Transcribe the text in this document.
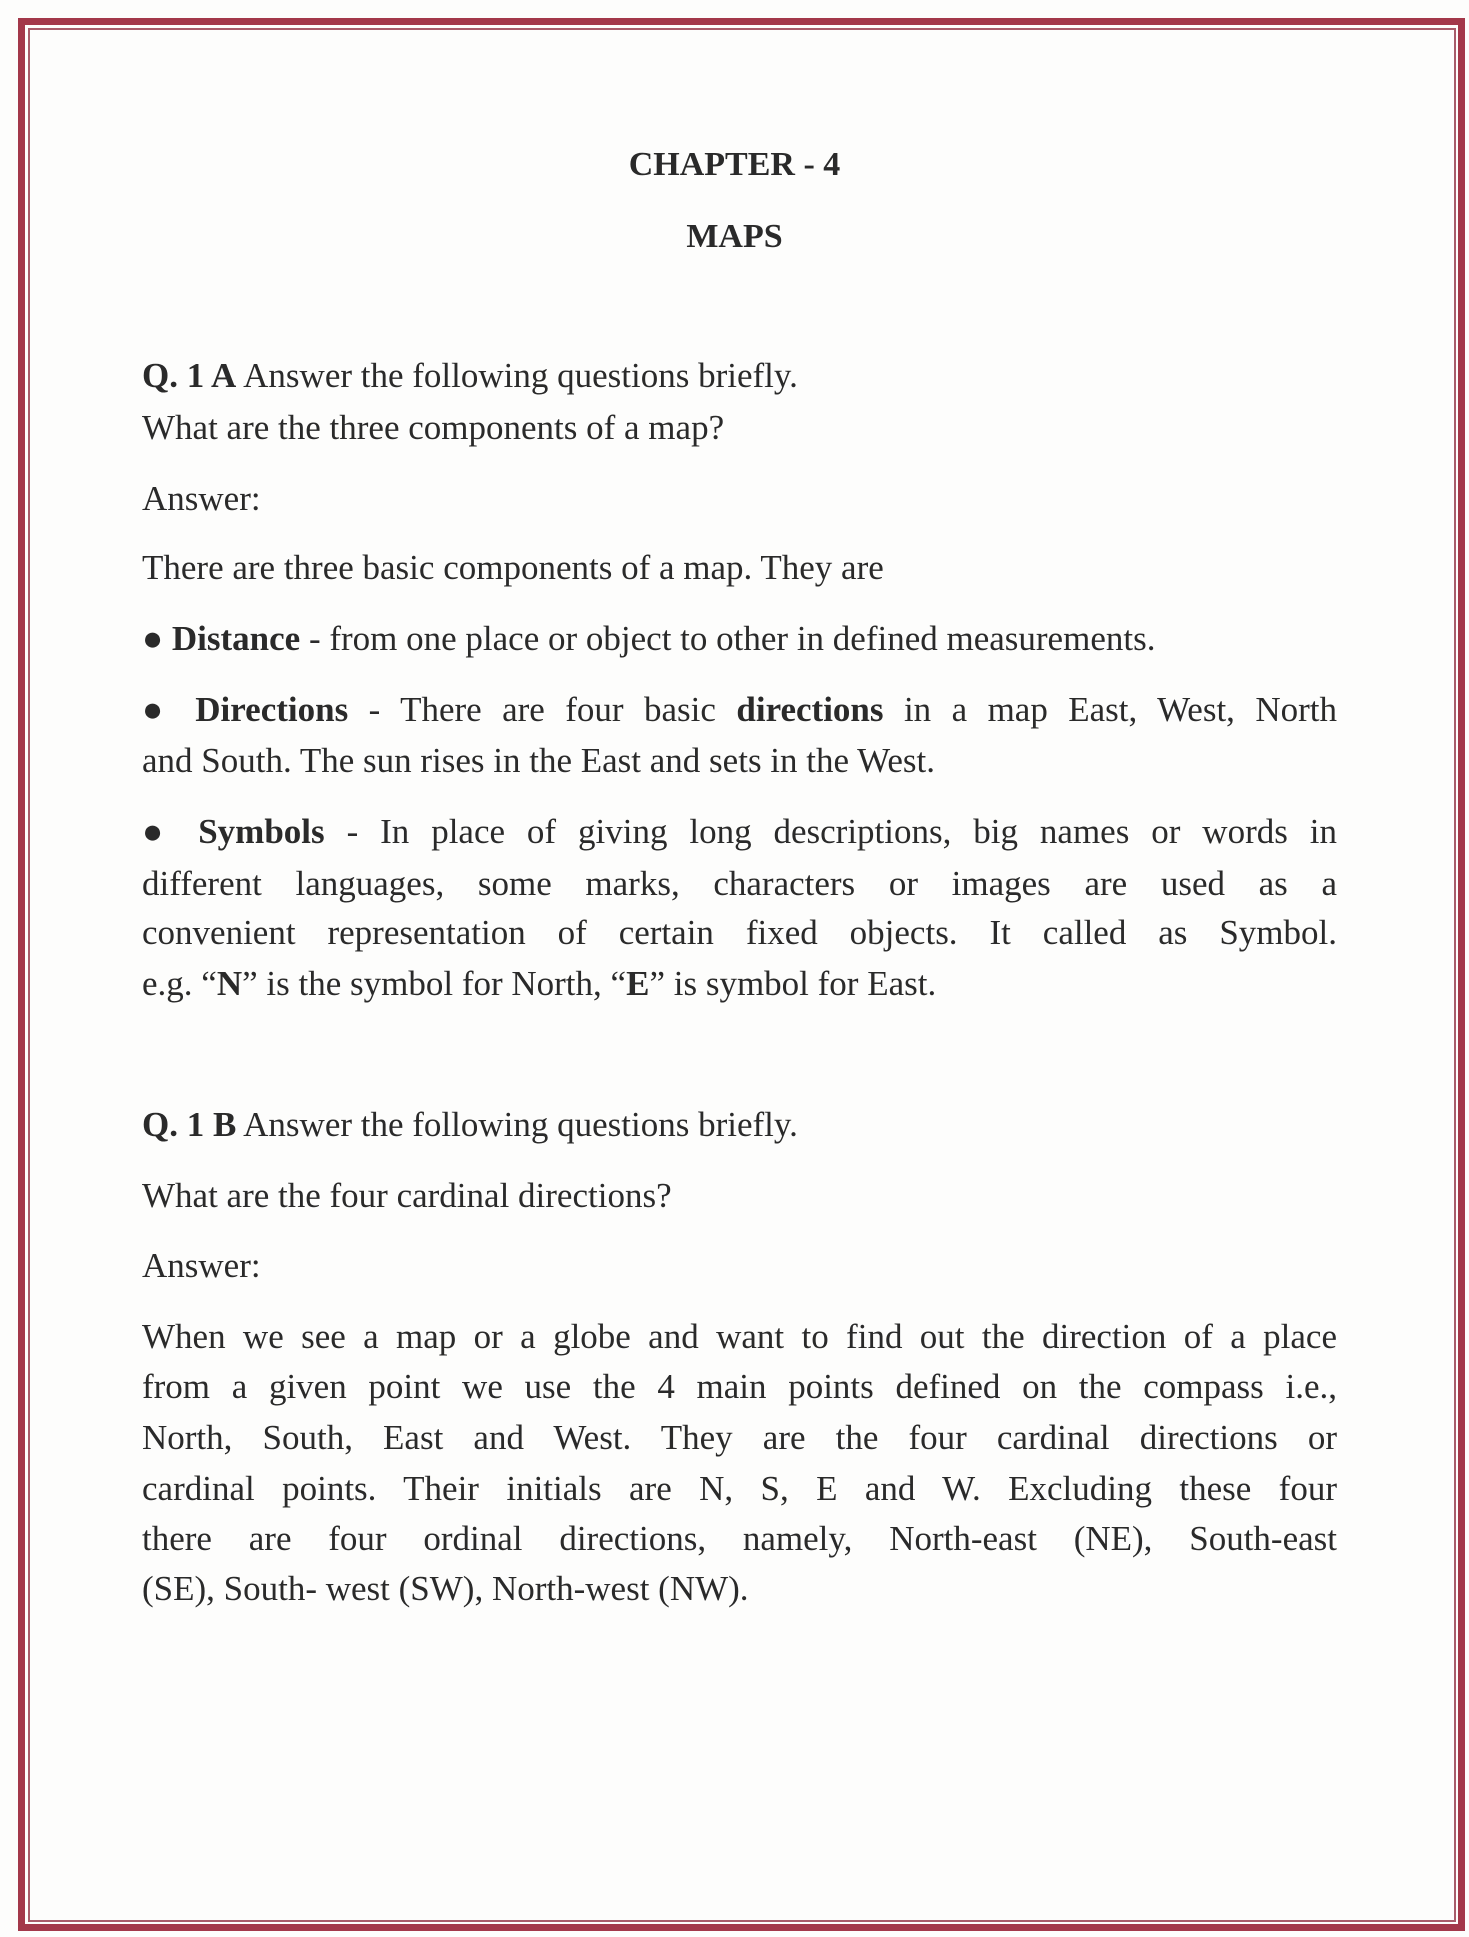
CHAPTER - 4
MAPS
Q. 1 A Answer the following questions briefly.
What are the three components of a map?
Answer:
There are three basic components of a map. They are
● Distance - from one place or object to other in defined measurements.
● Directions - There are four basic directions in a map East, West, North
and South. The sun rises in the East and sets in the West.
● Symbols - In place of giving long descriptions, big names or words in
different languages, some marks, characters or images are used as a
convenient representation of certain fixed objects. It called as Symbol.
e.g. “N” is the symbol for North, “E” is symbol for East.
Q. 1 B Answer the following questions briefly.
What are the four cardinal directions?
Answer:
When we see a map or a globe and want to find out the direction of a place
from a given point we use the 4 main points defined on the compass i.e.,
North, South, East and West. They are the four cardinal directions or
cardinal points. Their initials are N, S, E and W. Excluding these four
there are four ordinal directions, namely, North-east (NE), South-east
(SE), South- west (SW), North-west (NW).
